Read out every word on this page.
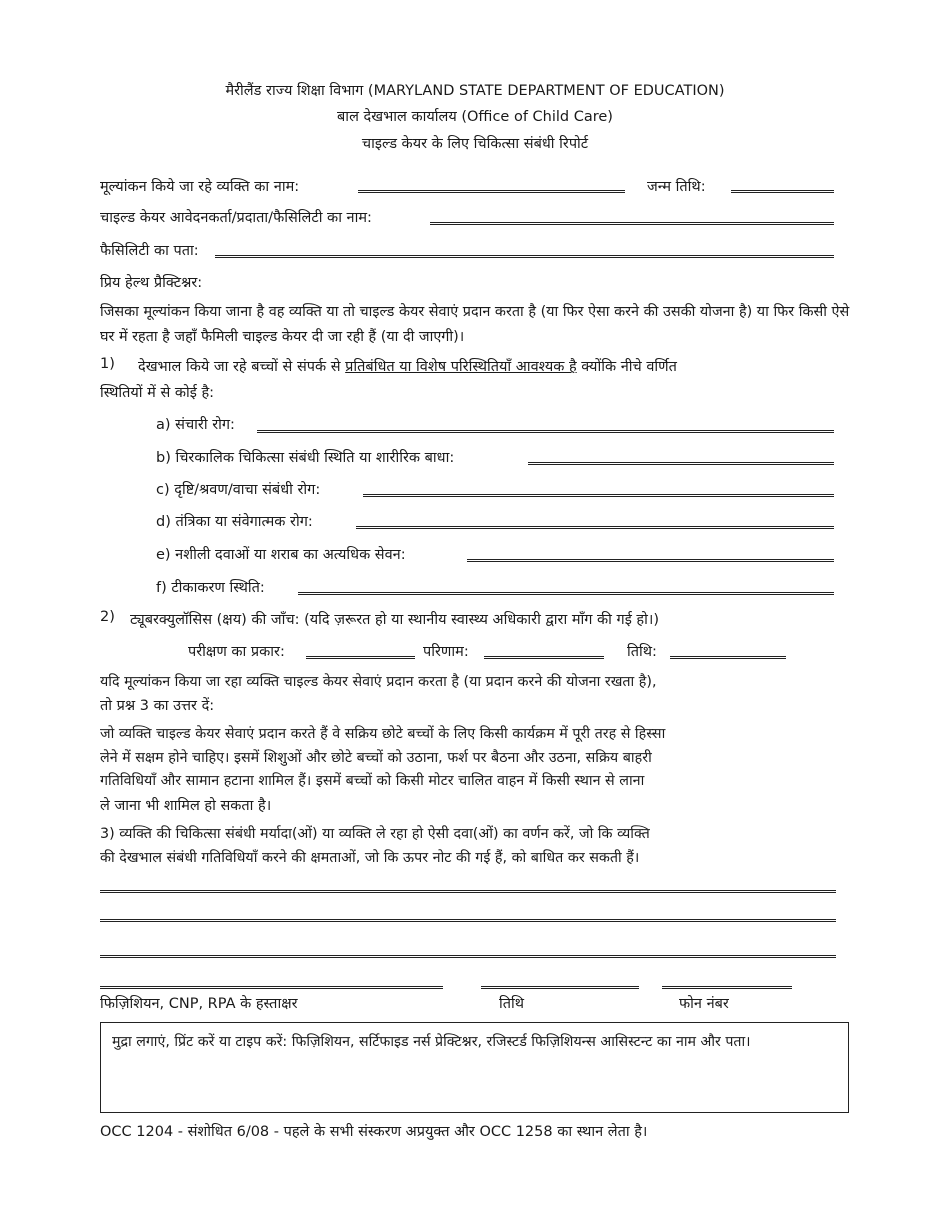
मैरीलैंड राज्य शिक्षा विभाग (MARYLAND STATE DEPARTMENT OF EDUCATION)
बाल देखभाल कार्यालय (Office of Child Care)
चाइल्ड केयर के लिए चिकित्सा संबंधी रिपोर्ट
मूल्यांकन किये जा रहे व्यक्ति का नाम:	जन्म तिथि:
चाइल्ड केयर आवेदनकर्ता/प्रदाता/फैसिलिटी का नाम:
फैसिलिटी का पता:
प्रिय हेल्थ प्रैक्टिश्नर:
जिसका मूल्यांकन किया जाना है वह व्यक्ति या तो चाइल्ड केयर सेवाएं प्रदान करता है (या फिर ऐसा करने की उसकी योजना है) या फिर किसी ऐसे घर में रहता है जहाँ फैमिली चाइल्ड केयर दी जा रही हैं (या दी जाएगी)।
1) देखभाल किये जा रहे बच्चों से संपर्क से प्रतिबंधित या विशेष परिस्थितियाँ आवश्यक है क्योंकि नीचे वर्णित
स्थितियों में से कोई है:
a) संचारी रोग:
b) चिरकालिक चिकित्सा संबंधी स्थिति या शारीरिक बाधा:
c) दृष्टि/श्रवण/वाचा संबंधी रोग:
d) तंत्रिका या संवेगात्मक रोग:
e) नशीली दवाओं या शराब का अत्यधिक सेवन:
f) टीकाकरण स्थिति:
2) ट्यूबरक्युलॉसिस (क्षय) की जाँच: (यदि ज़रूरत हो या स्थानीय स्वास्थ्य अधिकारी द्वारा माँग की गई हो।)
परीक्षण का प्रकार:	परिणाम:	तिथि:
यदि मूल्यांकन किया जा रहा व्यक्ति चाइल्ड केयर सेवाएं प्रदान करता है (या प्रदान करने की योजना रखता है),
तो प्रश्न 3 का उत्तर दें:
जो व्यक्ति चाइल्ड केयर सेवाएं प्रदान करते हैं वे सक्रिय छोटे बच्चों के लिए किसी कार्यक्रम में पूरी तरह से हिस्सा
लेने में सक्षम होने चाहिए। इसमें शिशुओं और छोटे बच्चों को उठाना, फर्श पर बैठना और उठना, सक्रिय बाहरी
गतिविधियाँ और सामान हटाना शामिल हैं। इसमें बच्चों को किसी मोटर चालित वाहन में किसी स्थान से लाना
ले जाना भी शामिल हो सकता है।
3) व्यक्ति की चिकित्सा संबंधी मर्यादा(ओं) या व्यक्ति ले रहा हो ऐसी दवा(ओं) का वर्णन करें, जो कि व्यक्ति
की देखभाल संबंधी गतिविधियाँ करने की क्षमताओं, जो कि ऊपर नोट की गई हैं, को बाधित कर सकती हैं।
फिज़िशियन, CNP, RPA के हस्ताक्षर	तिथि	फोन नंबर
मुद्रा लगाएं, प्रिंट करें या टाइप करें: फिज़िशियन, सर्टिफाइड नर्स प्रेक्टिश्नर, रजिस्टर्ड फिज़िशियन्स आसिस्टन्ट का नाम और पता।
OCC 1204 - संशोधित 6/08 - पहले के सभी संस्करण अप्रयुक्त और OCC 1258 का स्थान लेता है।
